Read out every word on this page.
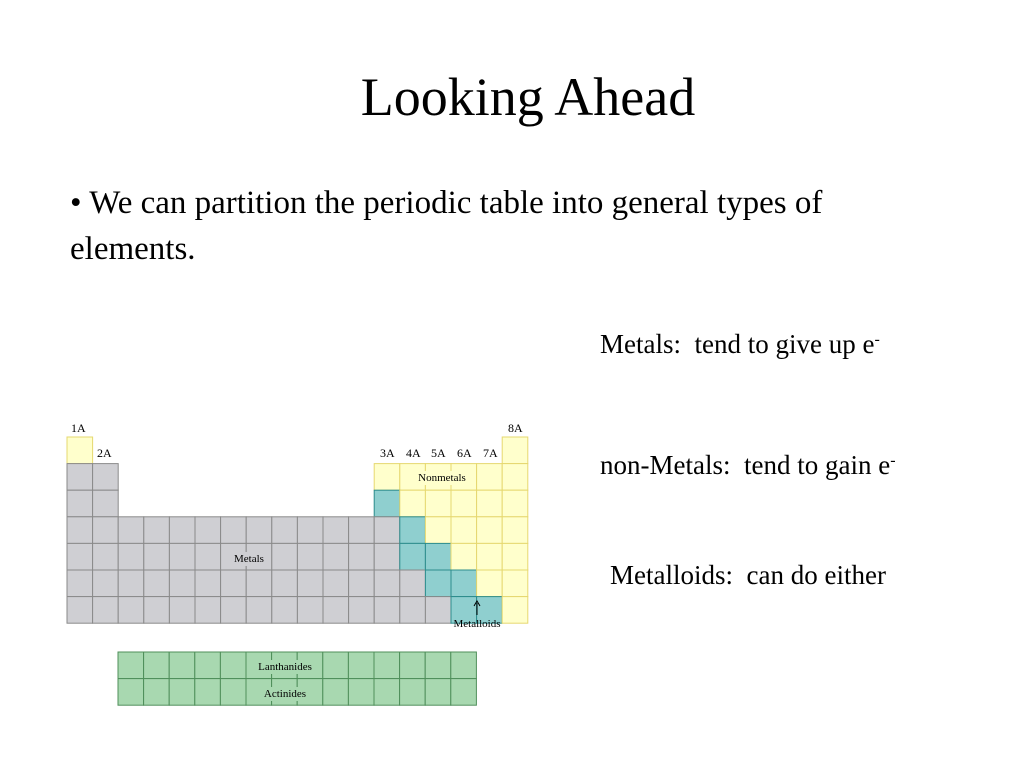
Looking Ahead
• We can partition the periodic table into general types of elements.
Metals: tend to give up e-
non-Metals: tend to gain e-
Metalloids: can do either
1A
2A	3A 4A 5A 6A 7A
8A
Metals
Nonmetals
Metalloids
Lanthanides
Actinides
